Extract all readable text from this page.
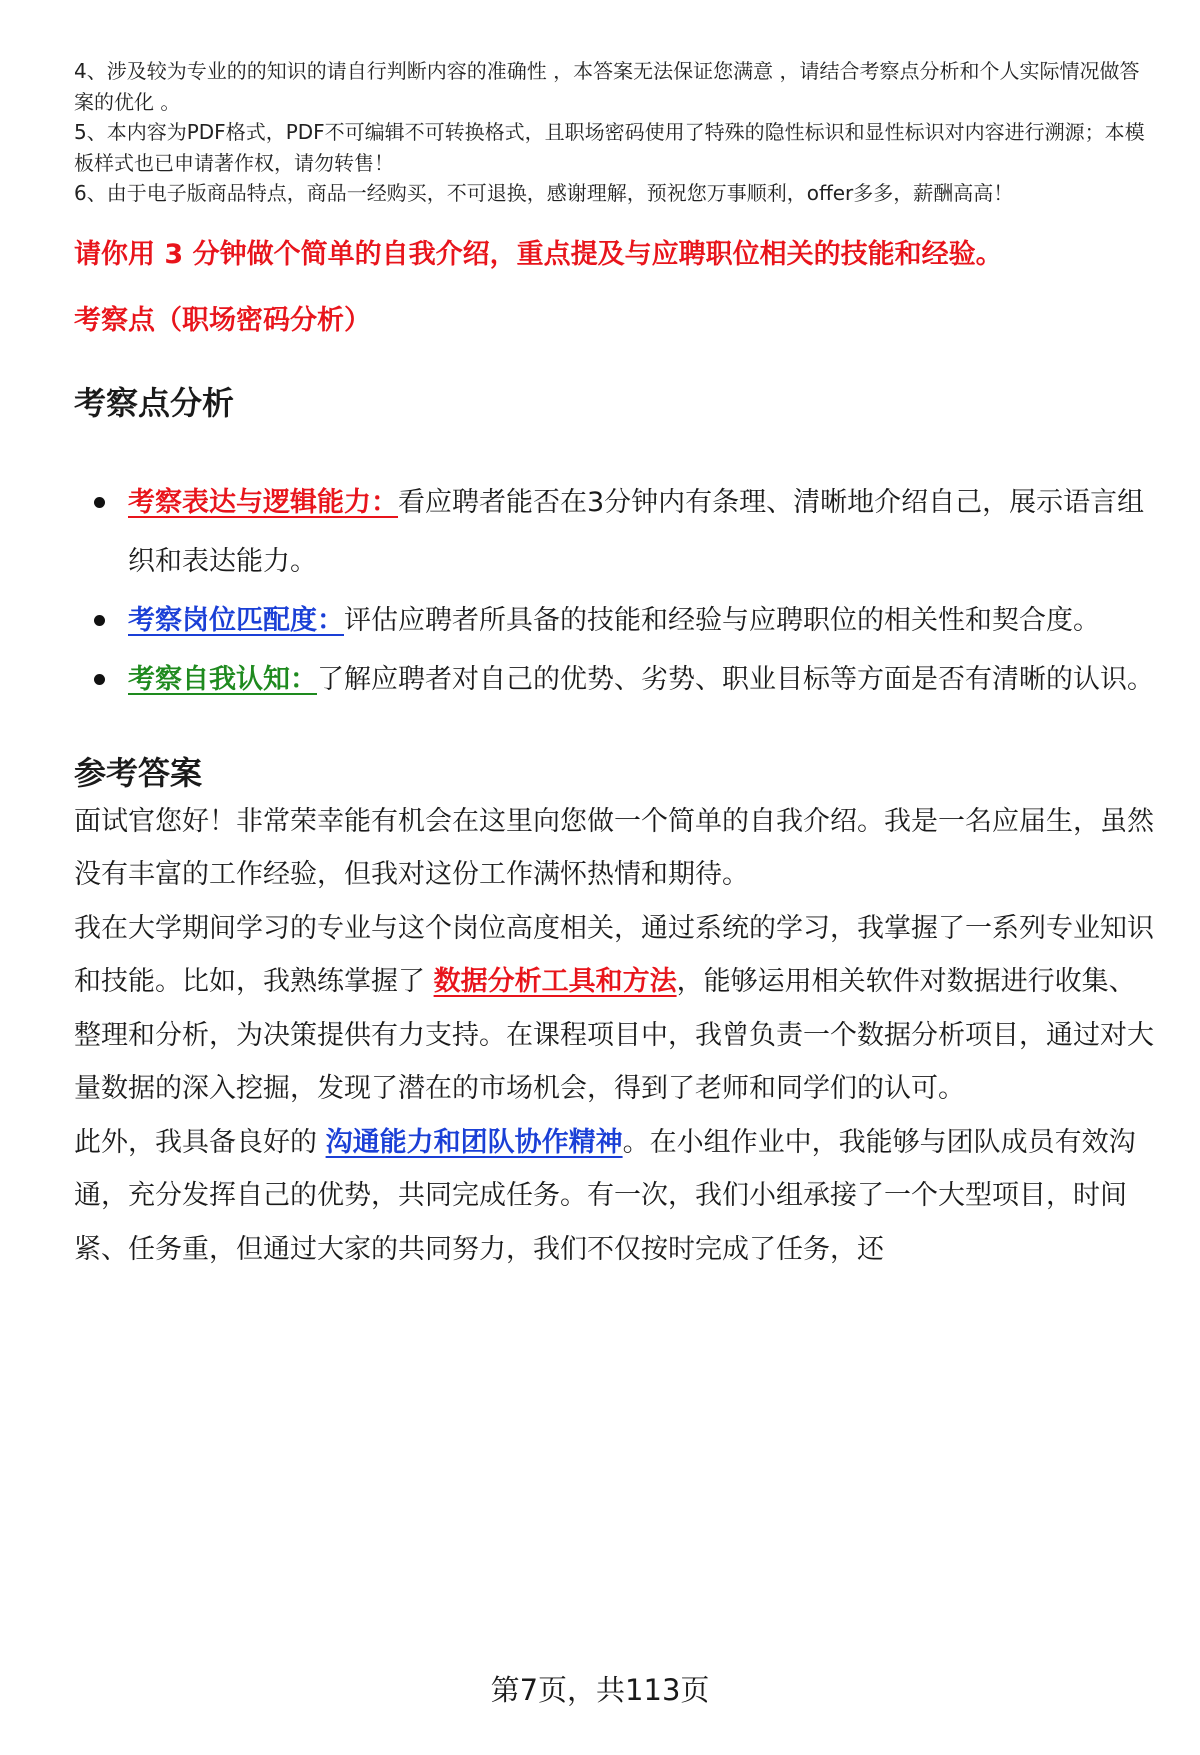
4、涉及较为专业的的知识的请自行判断内容的准确性 ，本答案无法保证您满意 ，请结合考察点分析和个人实际情况做答案的优化 。

5、本内容为PDF格式，PDF不可编辑不可转换格式，且职场密码使用了特殊的隐性标识和显性标识对内容进行溯源；本模板样式也已申请著作权，请勿转售！

6、由于电子版商品特点，商品一经购买，不可退换，感谢理解，预祝您万事顺利，offer多多，薪酬高高！

请你用 3 分钟做个简单的自我介绍，重点提及与应聘职位相关的技能和经验。
考察点（职场密码分析）
考察点分析
考察表达与逻辑能力：看应聘者能否在3分钟内有条理、清晰地介绍自己，展示语言组织和表达能力。
考察岗位匹配度：评估应聘者所具备的技能和经验与应聘职位的相关性和契合度。
考察自我认知：了解应聘者对自己的优势、劣势、职业目标等方面是否有清晰的认识。
参考答案

面试官您好！非常荣幸能有机会在这里向您做一个简单的自我介绍。我是一名应届生，虽然没有丰富的工作经验，但我对这份工作满怀热情和期待。

我在大学期间学习的专业与这个岗位高度相关，通过系统的学习，我掌握了一系列专业知识和技能。比如，我熟练掌握了 数据分析工具和方法，能够运用相关软件对数据进行收集、整理和分析，为决策提供有力支持。在课程项目中，我曾负责一个数据分析项目，通过对大量数据的深入挖掘，发现了潜在的市场机会，得到了老师和同学们的认可。

此外，我具备良好的 沟通能力和团队协作精神。在小组作业中，我能够与团队成员有效沟通，充分发挥自己的优势，共同完成任务。有一次，我们小组承接了一个大型项目，时间紧、任务重，但通过大家的共同努力，我们不仅按时完成了任务，还

第7页，共113页
